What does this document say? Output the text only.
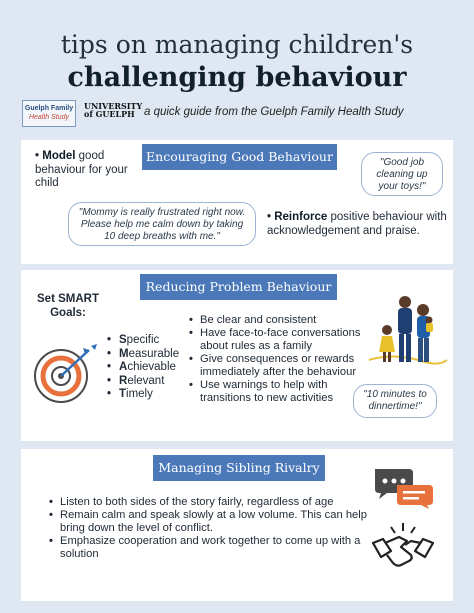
tips on managing children's
challenging behaviour
Guelph Family
Health Study
UNIVERSITY
of GUELPH a quick guide from the Guelph Family Health Study
Encouraging Good Behaviour
• Model good behaviour for your child
"Good job cleaning up your toys!"
"Mommy is really frustrated right now. Please help me calm down by taking 10 deep breaths with me."
• Reinforce positive behaviour with acknowledgement and praise.
Reducing Problem Behaviour
Set SMART Goals:
• Specific
• Measurable
• Achievable
• Relevant
• Timely
• Be clear and consistent
• Have face-to-face conversations about rules as a family
• Give consequences or rewards immediately after the behaviour
• Use warnings to help with transitions to new activities	"10 minutes to dinnertime!"
Managing Sibling Rivalry
• Listen to both sides of the story fairly, regardless of age
• Remain calm and speak slowly at a low volume. This can help bring down the level of conflict.
• Emphasize cooperation and work together to come up with a solution
